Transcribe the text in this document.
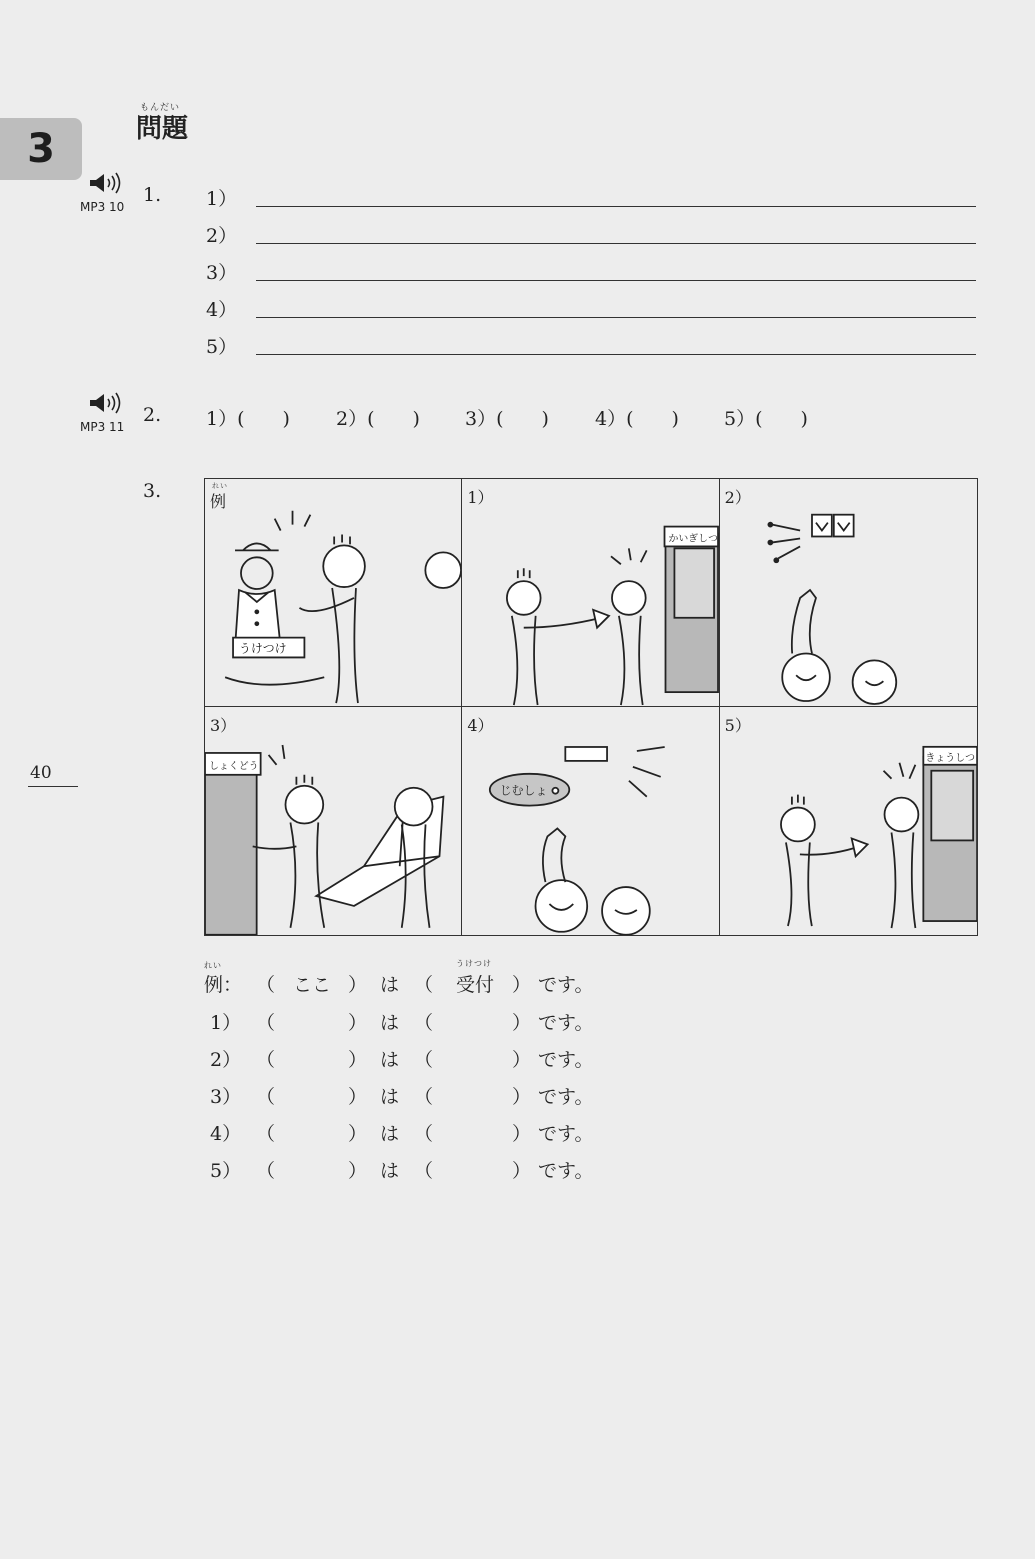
3
もんだい
問題
40
MP3 10
1. 1）
2）
3）
4）
5）
MP3 11
2. 1）(　　) 2）(　　) 3）(　　) 4）(　　) 5）(　　)
3.	れい
例
うけつけ
1）
かいぎしつ
2）
3）
しょくどう
4）
じむしょ
5）
きょうしつ
れい	うけつけ
例： （ ここ ） は （ 受付 ） です。
1） （	） は （	） です。
2） （	） は （	） です。
3） （	） は （	） です。
4） （	） は （	） です。
5） （	） は （	） です。
